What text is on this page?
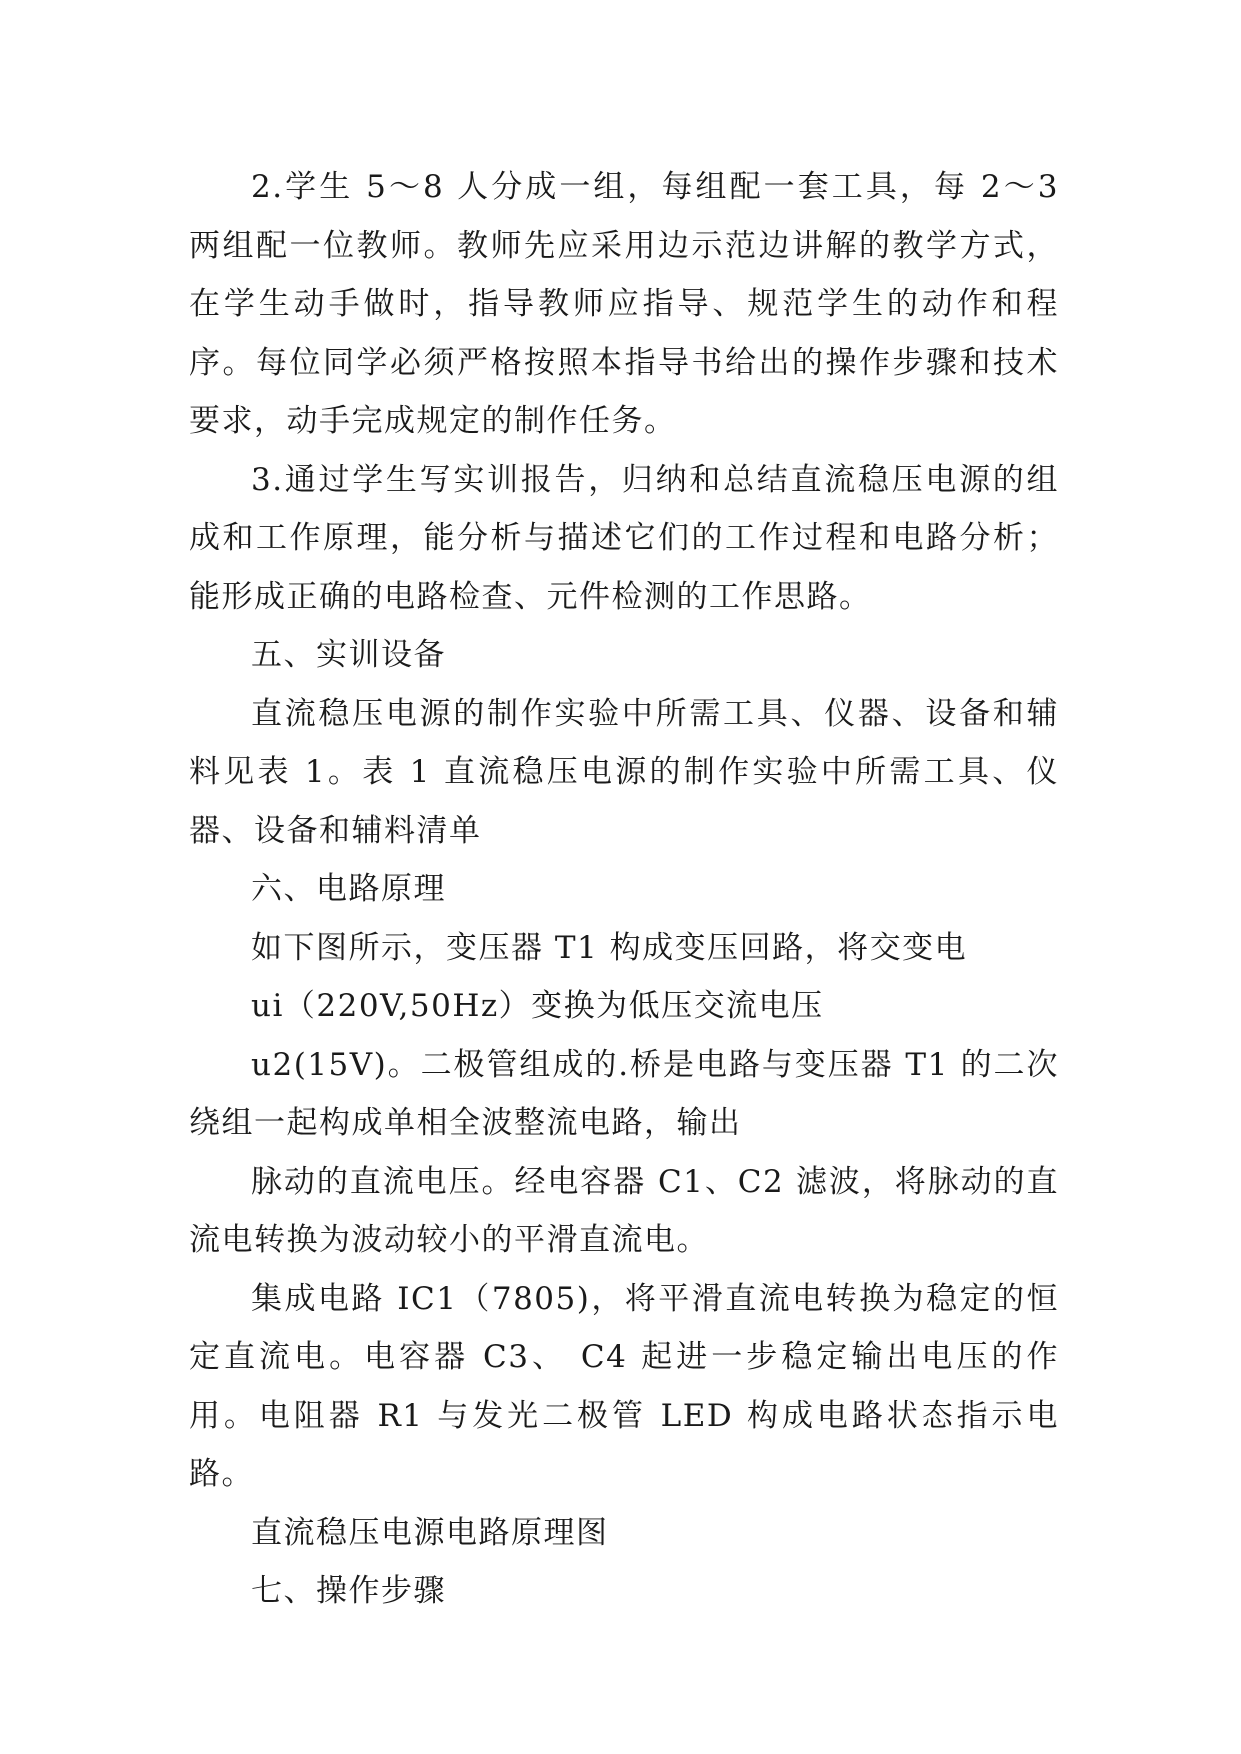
2.学生 5～8 人分成一组，每组配一套工具，每 2～3 两组配一位教师。教师先应采用边示范边讲解的教学方式，在学生动手做时，指导教师应指导、规范学生的动作和程序。每位同学必须严格按照本指导书给出的操作步骤和技术要求，动手完成规定的制作任务。

3.通过学生写实训报告，归纳和总结直流稳压电源的组成和工作原理，能分析与描述它们的工作过程和电路分析；能形成正确的电路检查、元件检测的工作思路。

五、实训设备

直流稳压电源的制作实验中所需工具、仪器、设备和辅料见表 1。表 1 直流稳压电源的制作实验中所需工具、仪器、设备和辅料清单

六、电路原理

如下图所示，变压器 T1 构成变压回路，将交变电

ui（220V,50Hz）变换为低压交流电压

u2(15V)。二极管组成的.桥是电路与变压器 T1 的二次绕组一起构成单相全波整流电路，输出

脉动的直流电压。经电容器 C1、C2 滤波，将脉动的直流电转换为波动较小的平滑直流电。

集成电路 IC1（7805)，将平滑直流电转换为稳定的恒定直流电。电容器 C3、 C4 起进一步稳定输出电压的作用。电阻器 R1 与发光二极管 LED 构成电路状态指示电路。

直流稳压电源电路原理图

七、操作步骤
